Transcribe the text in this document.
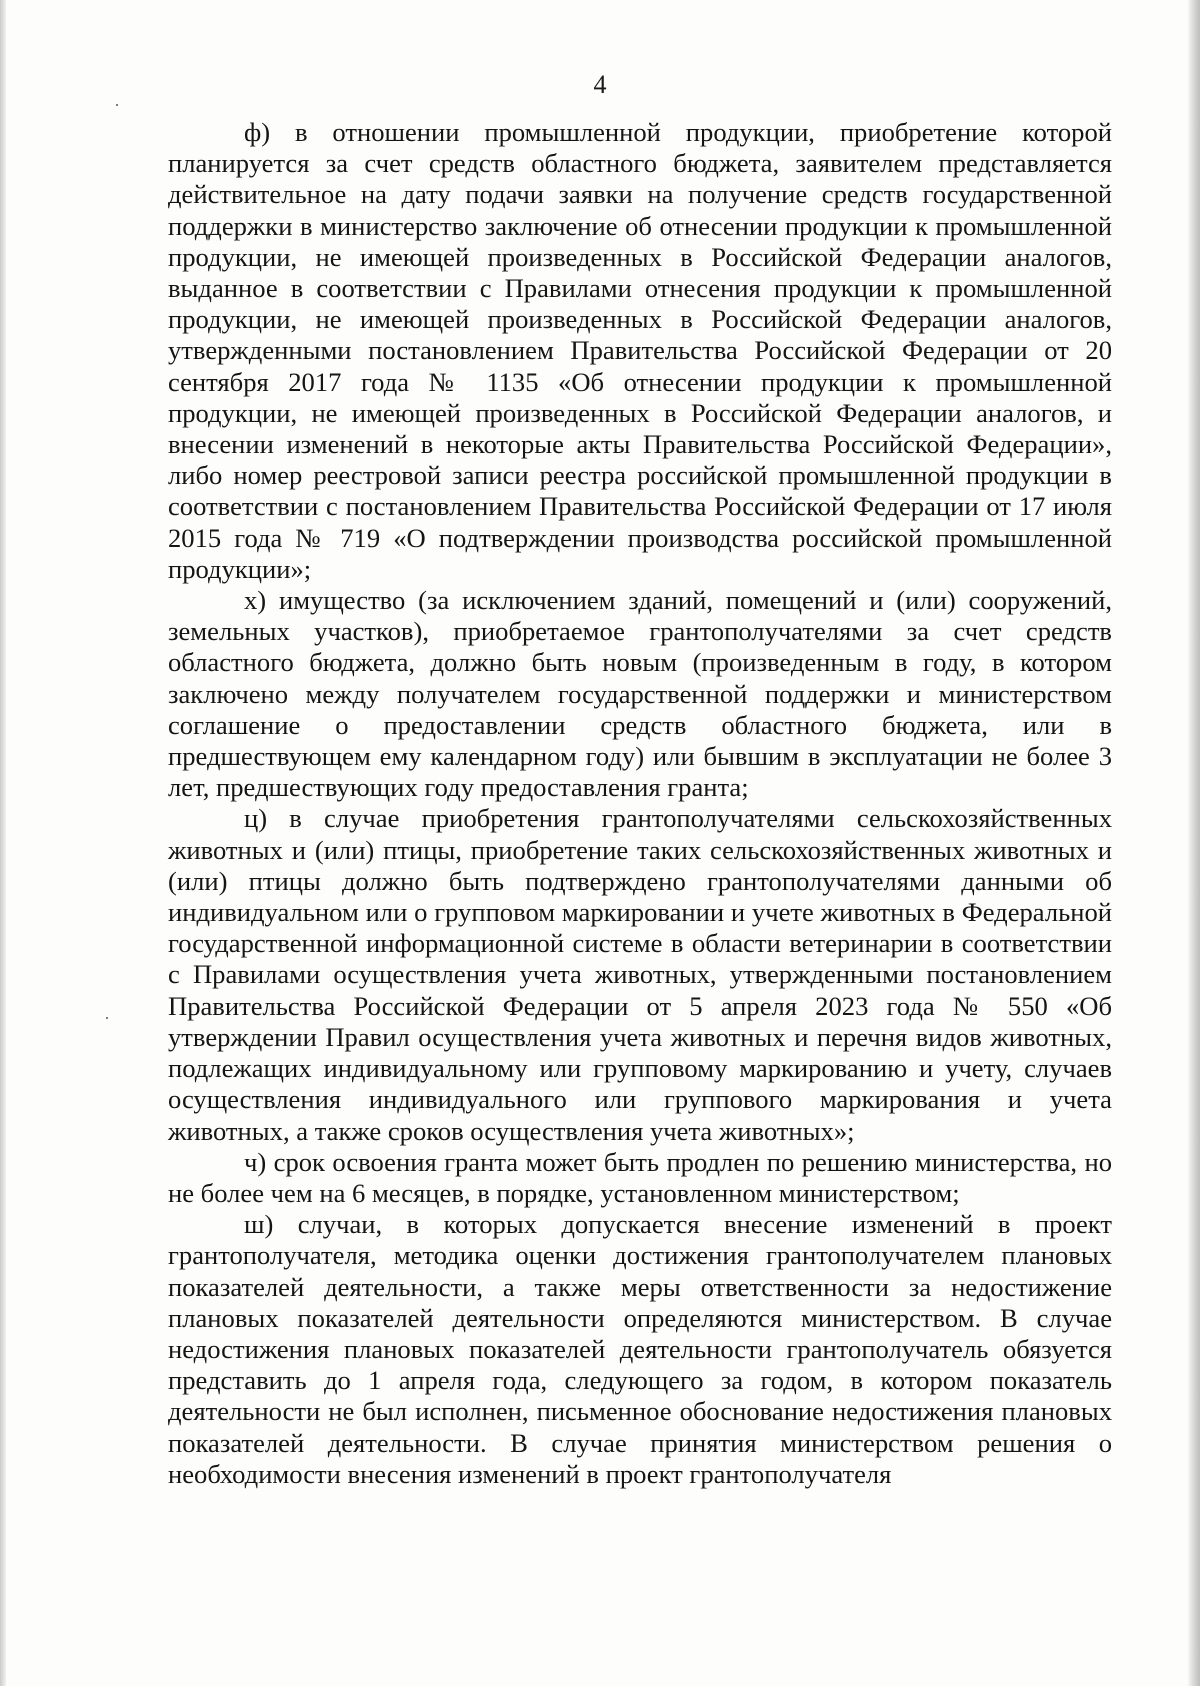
4

ф) в отношении промышленной продукции, приобретение которой планируется за счет средств областного бюджета, заявителем представляется действительное на дату подачи заявки на получение средств государственной поддержки в министерство заключение об отнесении продукции к промышленной продукции, не имеющей произведенных в Российской Федерации аналогов, выданное в соответствии с Правилами отнесения продукции к промышленной продукции, не имеющей произведенных в Российской Федерации аналогов, утвержденными постановлением Правительства Российской Федерации от 20 сентября 2017 года № 1135 «Об отнесении продукции к промышленной продукции, не имеющей произведенных в Российской Федерации аналогов, и внесении изменений в некоторые акты Правительства Российской Федерации», либо номер реестровой записи реестра российской промышленной продукции в соответствии с постановлением Правительства Российской Федерации от 17 июля 2015 года № 719 «О подтверждении производства российской промышленной продукции»;

х) имущество (за исключением зданий, помещений и (или) сооружений, земельных участков), приобретаемое грантополучателями за счет средств областного бюджета, должно быть новым (произведенным в году, в котором заключено между получателем государственной поддержки и министерством соглашение о предоставлении средств областного бюджета, или в предшествующем ему календарном году) или бывшим в эксплуатации не более 3 лет, предшествующих году предоставления гранта;

ц) в случае приобретения грантополучателями сельскохозяйственных животных и (или) птицы, приобретение таких сельскохозяйственных животных и (или) птицы должно быть подтверждено грантополучателями данными об индивидуальном или о групповом маркировании и учете животных в Федеральной государственной информационной системе в области ветеринарии в соответствии с Правилами осуществления учета животных, утвержденными постановлением Правительства Российской Федерации от 5 апреля 2023 года № 550 «Об утверждении Правил осуществления учета животных и перечня видов животных, подлежащих индивидуальному или групповому маркированию и учету, случаев осуществления индивидуального или группового маркирования и учета животных, а также сроков осуществления учета животных»;

ч) срок освоения гранта может быть продлен по решению министерства, но не более чем на 6 месяцев, в порядке, установленном министерством;

ш) случаи, в которых допускается внесение изменений в проект грантополучателя, методика оценки достижения грантополучателем плановых показателей деятельности, а также меры ответственности за недостижение плановых показателей деятельности определяются министерством. В случае недостижения плановых показателей деятельности грантополучатель обязуется представить до 1 апреля года, следующего за годом, в котором показатель деятельности не был исполнен, письменное обоснование недостижения плановых показателей деятельности. В случае принятия министерством решения о необходимости внесения изменений в проект грантополучателя
